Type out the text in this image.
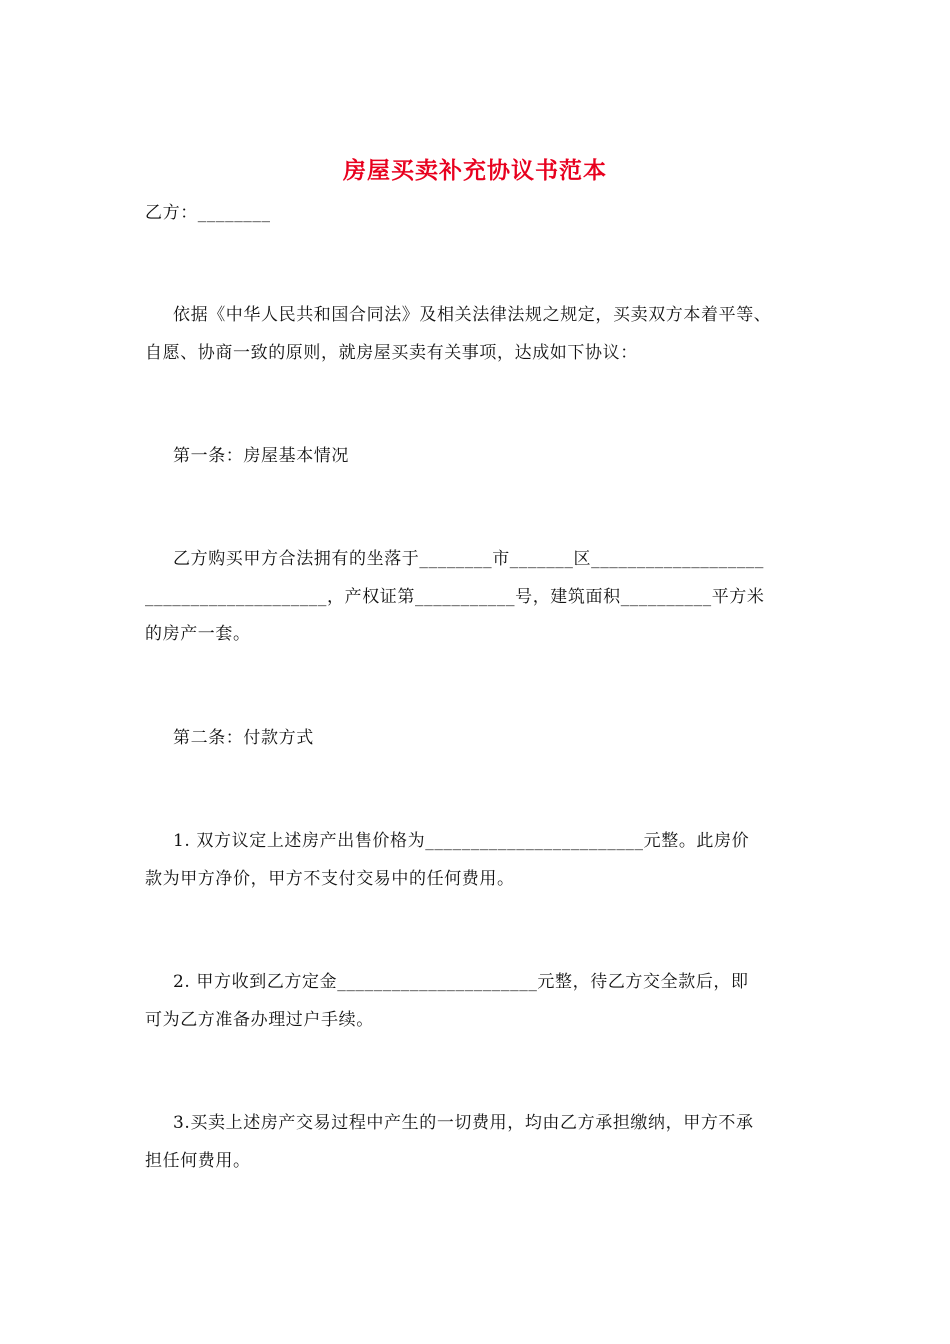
房屋买卖补充协议书范本
乙方：________
依据《中华人民共和国合同法》及相关法律法规之规定，买卖双方本着平等、
自愿、协商一致的原则，就房屋买卖有关事项，达成如下协议：
第一条：房屋基本情况
乙方购买甲方合法拥有的坐落于________市_______区___________________
____________________，产权证第___________号，建筑面积__________平方米
的房产一套。
第二条：付款方式
1. 双方议定上述房产出售价格为________________________元整。此房价
款为甲方净价，甲方不支付交易中的任何费用。
2. 甲方收到乙方定金______________________元整，待乙方交全款后，即
可为乙方准备办理过户手续。
3.买卖上述房产交易过程中产生的一切费用，均由乙方承担缴纳，甲方不承
担任何费用。
